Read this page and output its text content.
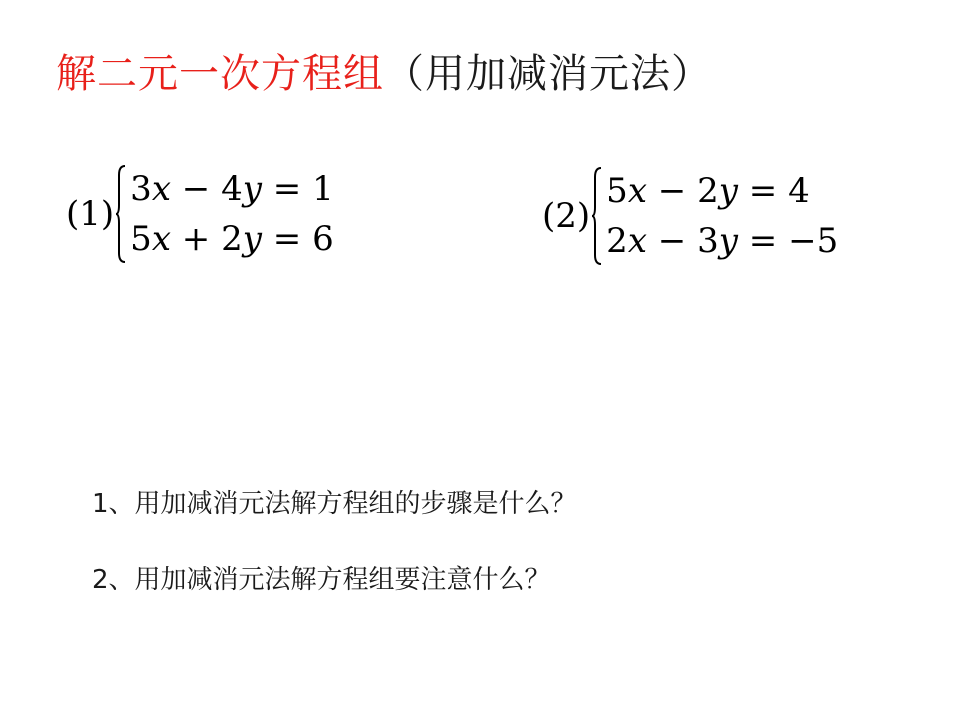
解二元一次方程组（用加减消元法）
(1)
3x − 4y = 1
5x + 2y = 6
(2)
5x − 2y = 4
2x − 3y = −5
1、用加减消元法解方程组的步骤是什么？
2、用加减消元法解方程组要注意什么？
